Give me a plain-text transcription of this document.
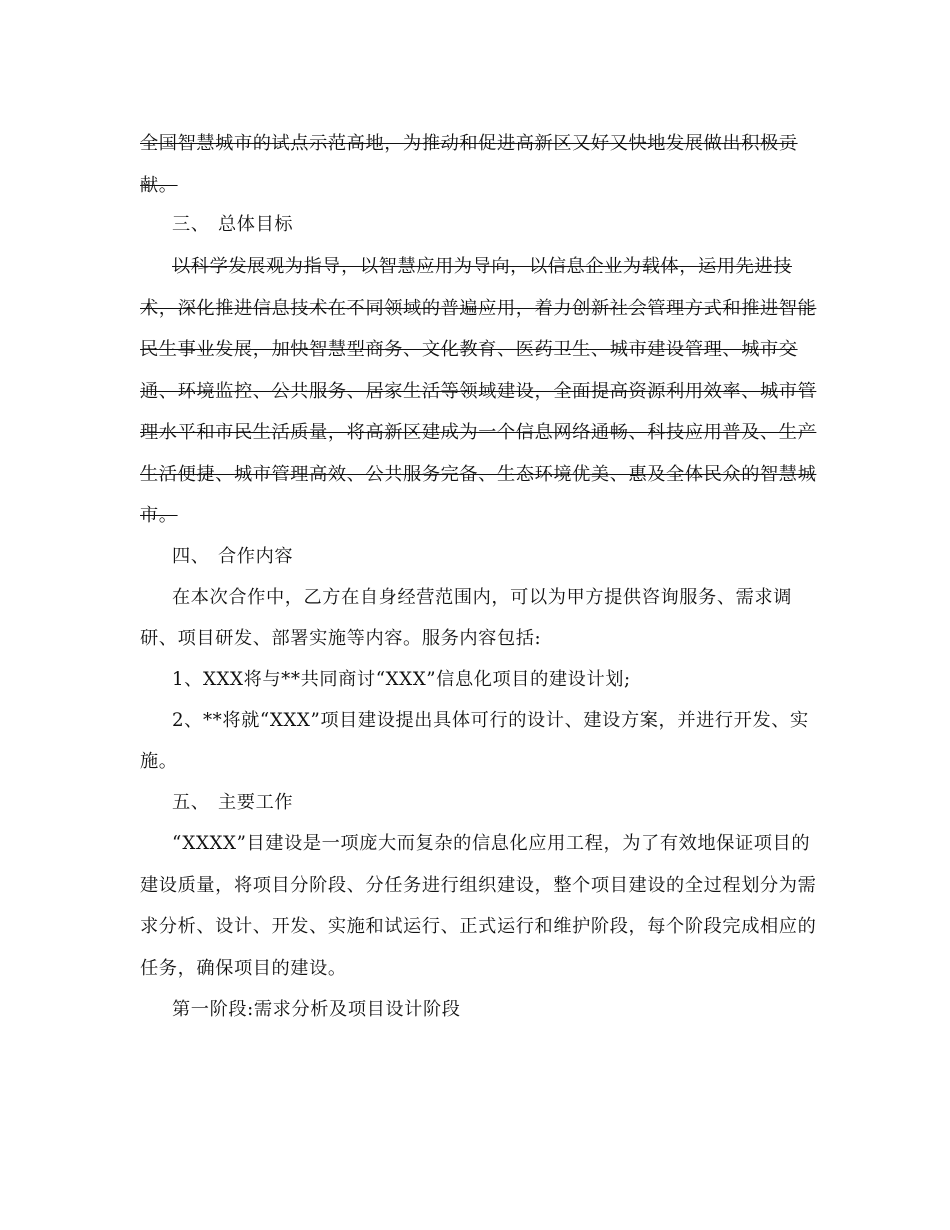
全国智慧城市的试点示范高地，为推动和促进高新区又好又快地发展做出积极贡
献。
三、 总体目标
以科学发展观为指导，以智慧应用为导向，以信息企业为载体，运用先进技
术，深化推进信息技术在不同领域的普遍应用，着力创新社会管理方式和推进智能
民生事业发展，加快智慧型商务、文化教育、医药卫生、城市建设管理、城市交
通、环境监控、公共服务、居家生活等领域建设，全面提高资源利用效率、城市管
理水平和市民生活质量，将高新区建成为一个信息网络通畅、科技应用普及、生产
生活便捷、城市管理高效、公共服务完备、生态环境优美、惠及全体民众的智慧城
市。
四、 合作内容
在本次合作中，乙方在自身经营范围内，可以为甲方提供咨询服务、需求调
研、项目研发、部署实施等内容。服务内容包括:
1、XXX将与**共同商讨“XXX”信息化项目的建设计划;
2、**将就“XXX”项目建设提出具体可行的设计、建设方案，并进行开发、实
施。
五、 主要工作
“XXXX”目建设是一项庞大而复杂的信息化应用工程，为了有效地保证项目的
建设质量，将项目分阶段、分任务进行组织建设，整个项目建设的全过程划分为需
求分析、设计、开发、实施和试运行、正式运行和维护阶段，每个阶段完成相应的
任务，确保项目的建设。
第一阶段:需求分析及项目设计阶段
